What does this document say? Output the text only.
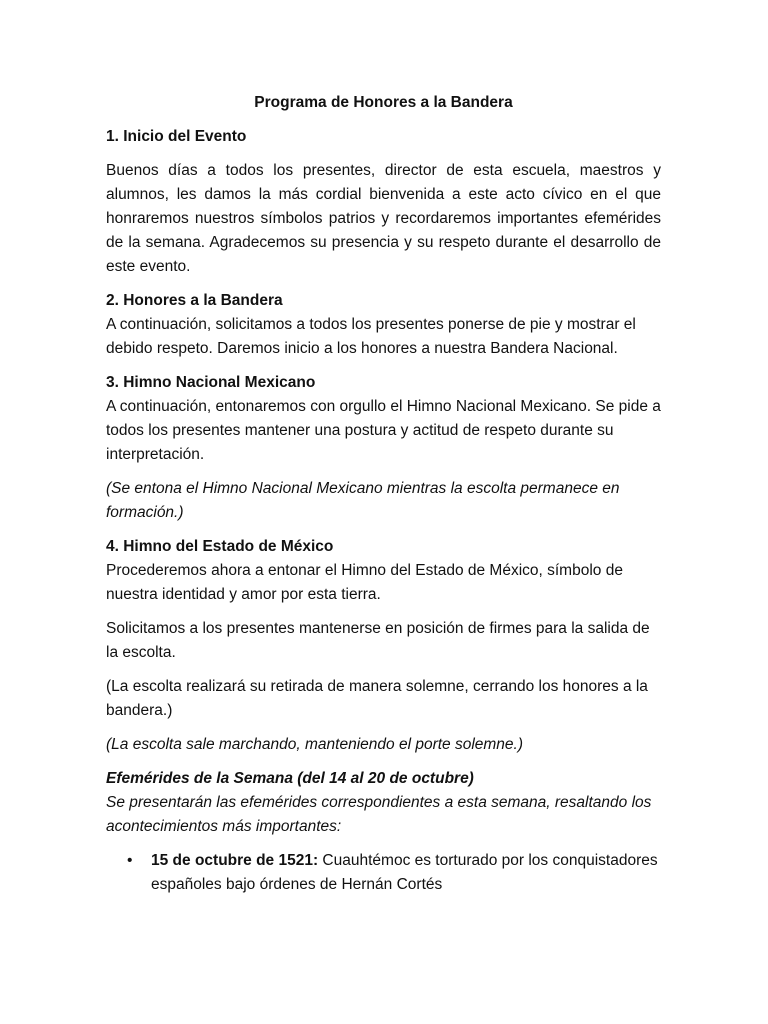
Programa de Honores a la Bandera

1. Inicio del Evento

Buenos días a todos los presentes, director de esta escuela, maestros y alumnos, les damos la más cordial bienvenida a este acto cívico en el que honraremos nuestros símbolos patrios y recordaremos importantes efemérides de la semana. Agradecemos su presencia y su respeto durante el desarrollo de este evento.

2. Honores a la Bandera

A continuación, solicitamos a todos los presentes ponerse de pie y mostrar el debido respeto. Daremos inicio a los honores a nuestra Bandera Nacional.

3. Himno Nacional Mexicano

A continuación, entonaremos con orgullo el Himno Nacional Mexicano. Se pide a todos los presentes mantener una postura y actitud de respeto durante su interpretación.

(Se entona el Himno Nacional Mexicano mientras la escolta permanece en formación.)

4. Himno del Estado de México

Procederemos ahora a entonar el Himno del Estado de México, símbolo de nuestra identidad y amor por esta tierra.

Solicitamos a los presentes mantenerse en posición de firmes para la salida de la escolta.

(La escolta realizará su retirada de manera solemne, cerrando los honores a la bandera.)

(La escolta sale marchando, manteniendo el porte solemne.)

Efemérides de la Semana (del 14 al 20 de octubre)

Se presentarán las efemérides correspondientes a esta semana, resaltando los acontecimientos más importantes:

• 15 de octubre de 1521: Cuauhtémoc es torturado por los conquistadores españoles bajo órdenes de Hernán Cortés
